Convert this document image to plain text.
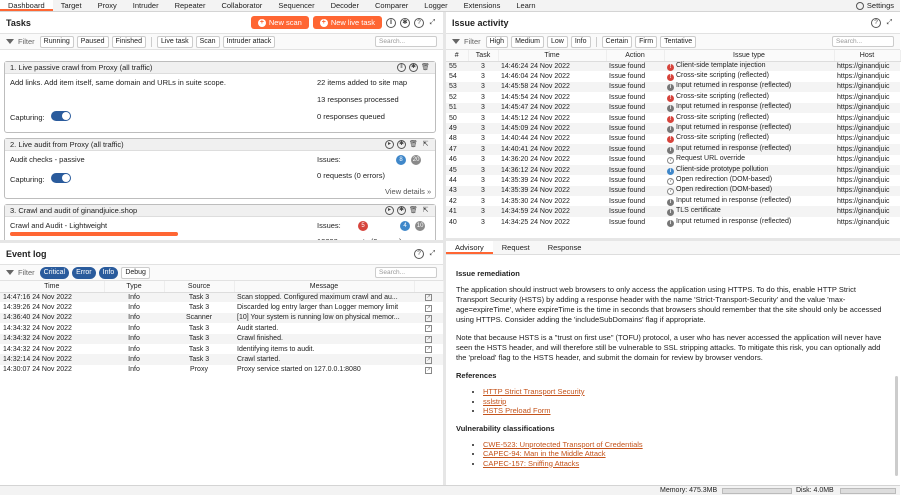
Dashboard	Target	Proxy	Intruder	Repeater	Collaborator	Sequencer	Decoder	Comparer	Logger	Extensions	Learn	Settings
Tasks	+ New scan	+ New live task	‖	✱	?	⤢
Filter	Running	Paused	Finished	Live task	Scan	Intruder attack	Search...
1. Live passive crawl from Proxy (all traffic)	‖	✱ 🗑
Add links. Add item itself, same domain and URLs in suite scope.
Capturing:
22 items added to site map
13 responses processed
0 responses queued
2. Live audit from Proxy (all traffic)	▸	✱ 🗑 ⇱
Audit checks - passive	Issues:	8 20
Capturing:	0 requests (0 errors)
View details »
3. Crawl and audit of ginandjuice.shop	▸	✱ 🗑 ⇱
Crawl and Audit - Lightweight	Issues:	5	4 10
Issue activity	?	⤢
Filter	High	Medium	Low	Info	Certain	Firm	Tentative	Search...
#	Task	Time	Action	Issue type	Host
55	3	14:46:24 24 Nov 2022	Issue found	! Client-side template injection	https://ginandjuic
54	3	14:46:04 24 Nov 2022	Issue found	! Cross-site scripting (reflected)	https://ginandjuic
53	3	14:45:58 24 Nov 2022	Issue found	i Input returned in response (reflected)	https://ginandjuic
52	3	14:45:54 24 Nov 2022	Issue found	! Cross-site scripting (reflected)	https://ginandjuic
51	3	14:45:47 24 Nov 2022	Issue found	i Input returned in response (reflected)	https://ginandjuic
50	3	14:45:12 24 Nov 2022	Issue found	! Cross-site scripting (reflected)	https://ginandjuic
49	3	14:45:09 24 Nov 2022	Issue found	i Input returned in response (reflected)	https://ginandjuic
48	3	14:40:44 24 Nov 2022	Issue found	! Cross-site scripting (reflected)	https://ginandjuic
47	3	14:40:41 24 Nov 2022	Issue found	i Input returned in response (reflected)	https://ginandjuic
46	3	14:36:20 24 Nov 2022	Issue found	? Request URL override	https://ginandjuic
45	3	14:36:12 24 Nov 2022	Issue found	i Client-side prototype pollution	https://ginandjuic
44	3	14:35:39 24 Nov 2022	Issue found	? Open redirection (DOM-based)	https://ginandjuic
43	3	14:35:39 24 Nov 2022	Issue found	? Open redirection (DOM-based)	https://ginandjuic
42	3	14:35:30 24 Nov 2022	Issue found	i Input returned in response (reflected)	https://ginandjuic
41	3	14:34:59 24 Nov 2022	Issue found	i TLS certificate	https://ginandjuic
40	3	14:34:25 24 Nov 2022	Issue found	i Input returned in response (reflected)	https://ginandjuic
Event log	?	⤢
Filter	Critical	Error	Info	Debug	Search...
Time	Type	Source	Message	
14:47:16 24 Nov 2022	Info	Task 3	Scan stopped. Configured maximum crawl and au...	↗
14:39:26 24 Nov 2022	Info	Task 3	Discarded log entry larger than Logger memory limit	↗
14:36:40 24 Nov 2022	Info	Scanner	[10] Your system is running low on physical memor...	↗
14:34:32 24 Nov 2022	Info	Task 3	Audit started.	↗
14:34:32 24 Nov 2022	Info	Task 3	Crawl finished.	↗
14:34:32 24 Nov 2022	Info	Task 3	Identifying items to audit.	↗
14:32:14 24 Nov 2022	Info	Task 3	Crawl started.	↗
14:30:07 24 Nov 2022	Info	Proxy	Proxy service started on 127.0.0.1:8080	↗
Advisory	Request	Response
Issue remediation

The application should instruct web browsers to only access the application using HTTPS. To do this, enable HTTP Strict Transport Security (HSTS) by adding a response header with the name 'Strict-Transport-Security' and the value 'max-age=expireTime', where expireTime is the time in seconds that browsers should remember that the site should only be accessed using HTTPS. Consider adding the 'includeSubDomains' flag if appropriate.

Note that because HSTS is a "trust on first use" (TOFU) protocol, a user who has never accessed the application will never have seen the HSTS header, and will therefore still be vulnerable to SSL stripping attacks. To mitigate this risk, you can optionally add the 'preload' flag to the HSTS header, and submit the domain for review by browser vendors.

References
• HTTP Strict Transport Security
• sslstrip
• HSTS Preload Form
Vulnerability classifications
• CWE-523: Unprotected Transport of Credentials
• CAPEC-94: Man in the Middle Attack
• CAPEC-157: Sniffing Attacks
Memory: 475.3MB	Disk: 4.0MB
